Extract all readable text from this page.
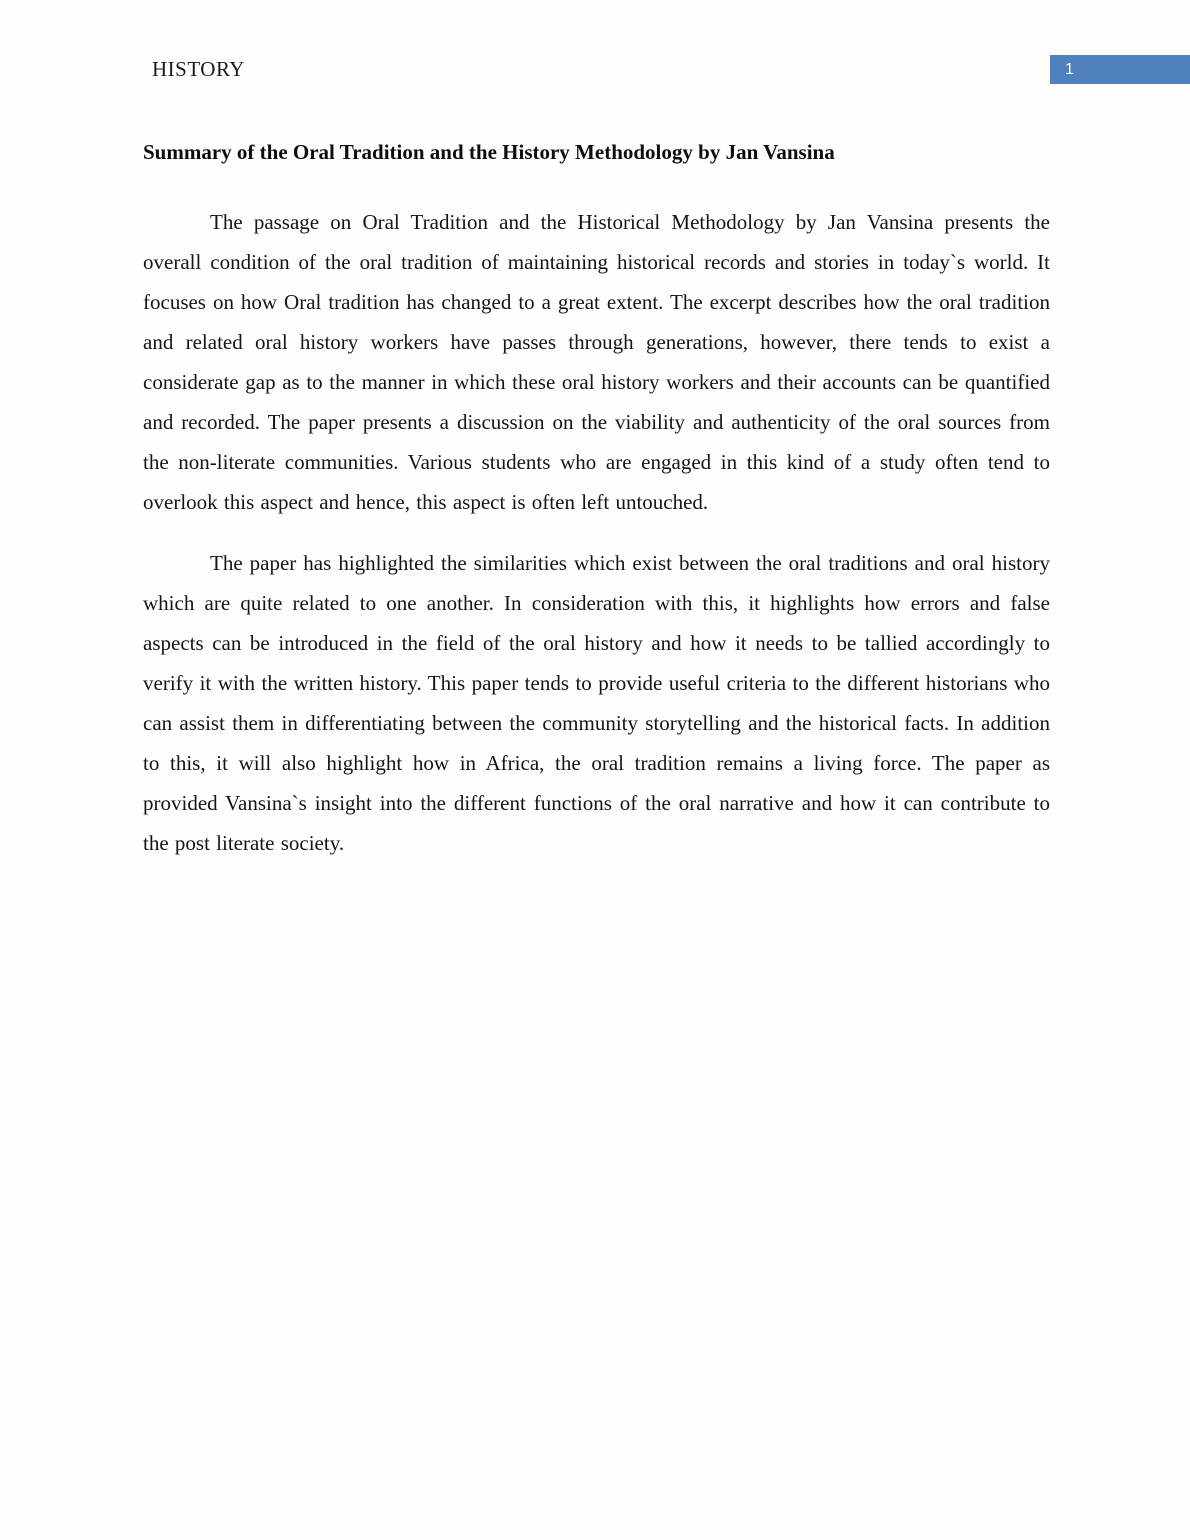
HISTORY	1
Summary of the Oral Tradition and the History Methodology by Jan Vansina

The passage on Oral Tradition and the Historical Methodology by Jan Vansina presents the overall condition of the oral tradition of maintaining historical records and stories in today`s world. It focuses on how Oral tradition has changed to a great extent. The excerpt describes how the oral tradition and related oral history workers have passes through generations, however, there tends to exist a considerate gap as to the manner in which these oral history workers and their accounts can be quantified and recorded. The paper presents a discussion on the viability and authenticity of the oral sources from the non-literate communities. Various students who are engaged in this kind of a study often tend to overlook this aspect and hence, this aspect is often left untouched.

The paper has highlighted the similarities which exist between the oral traditions and oral history which are quite related to one another. In consideration with this, it highlights how errors and false aspects can be introduced in the field of the oral history and how it needs to be tallied accordingly to verify it with the written history. This paper tends to provide useful criteria to the different historians who can assist them in differentiating between the community storytelling and the historical facts. In addition to this, it will also highlight how in Africa, the oral tradition remains a living force. The paper as provided Vansina`s insight into the different functions of the oral narrative and how it can contribute to the post literate society.
